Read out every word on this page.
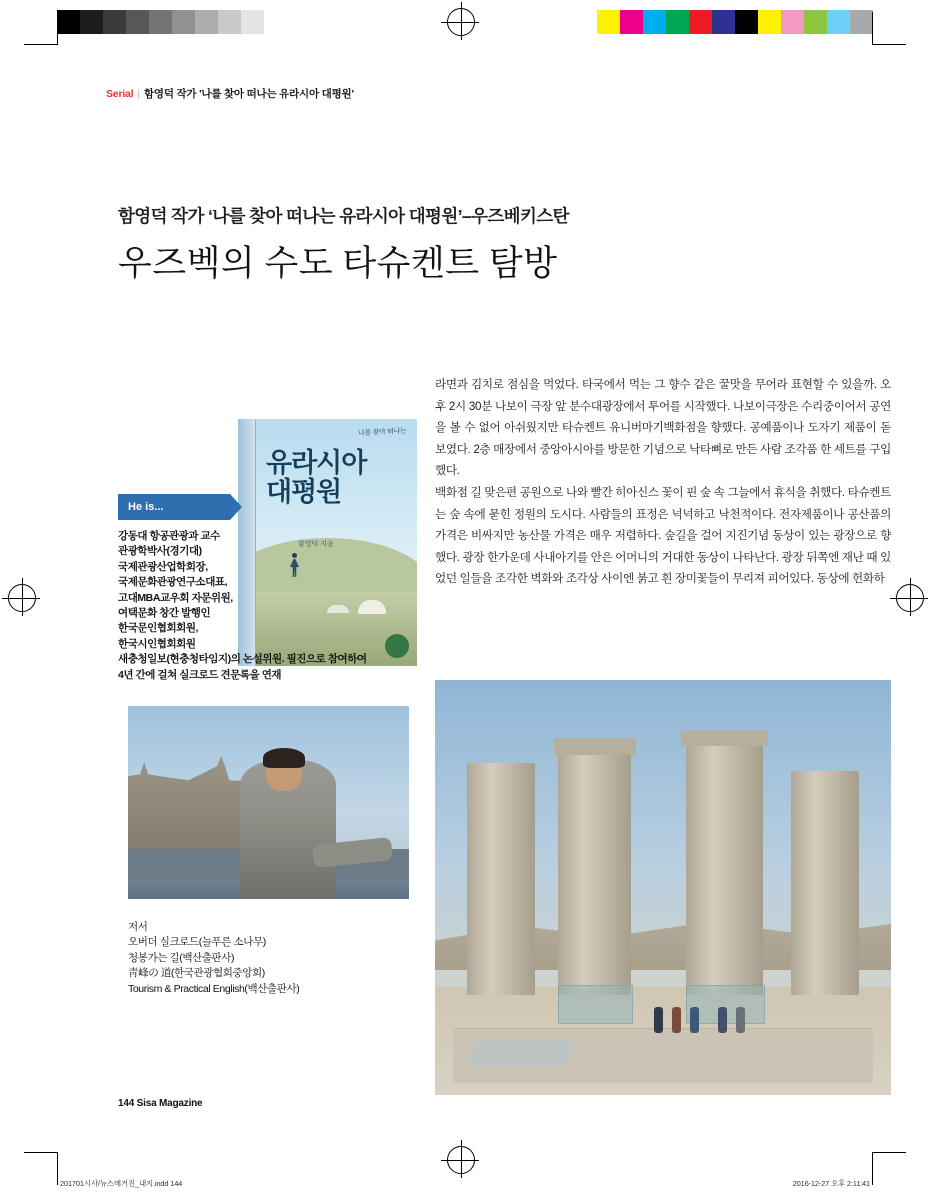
Serial | 함영덕 작가 '나를 찾아 떠나는 유라시아 대평원'
함영덕 작가 ‘나를 찾아 떠나는 유라시아 대평원’–우즈베키스탄
우즈벡의 수도 타슈켄트 탐방
나를 찾아 떠나는
유라시아
대평원
함영덕 지음
He is...
강동대 항공관광과 교수
관광학박사(경기대)
국제관광산업학회장,
국제문화관광연구소대표,
고대MBA교우회 자문위원,
여택문화 창간 발행인
한국문인협회회원,
한국시인협회회원
새충청일보(현충청타임지)의 논설위원. 필진으로 참여하여
4년 간에 걸쳐 실크로드 견문록을 연재
저서
오버더 실크로드(늘푸른 소나무)
청봉가는 길(백산출판사)
靑峰の 道(한국관광협회중앙회)
Tourism & Practical English(백산출판사)

라면과 김치로 점심을 먹었다. 타국에서 먹는 그 향수 같은 꿀맛을 무어라 표현할 수 있을까. 오후 2시 30분 나보이 극장 앞 분수대광장에서 투어를 시작했다. 나보이극장은 수리중이어서 공연을 볼 수 없어 아쉬웠지만 타슈켄트 유니버마기백화점을 향했다. 공예품이나 도자기 제품이 돋보였다. 2층 매장에서 중앙아시아를 방문한 기념으로 낙타뼈로 만든 사람 조각품 한 세트를 구입했다.

백화점 길 맞은편 공원으로 나와 빨간 히아신스 꽃이 핀 숲 속 그늘에서 휴식을 취했다. 타슈켄트는 숲 속에 묻힌 정원의 도시다. 사람들의 표정은 넉넉하고 낙천적이다. 전자제품이나 공산품의 가격은 비싸지만 농산물 가격은 매우 저렴하다. 숲길을 걸어 지진기념 동상이 있는 광장으로 향했다. 광장 한가운데 사내아기를 안은 어머니의 거대한 동상이 나타난다. 광장 뒤쪽엔 재난 때 있었던 일들을 조각한 벽화와 조각상 사이엔 붉고 흰 장미꽃들이 무리져 피어있다. 동상에 헌화하

144 Sisa Magazine
201701시사/뉴스매거진_내지.indd 144	2016-12-27 오후 2:11:41
